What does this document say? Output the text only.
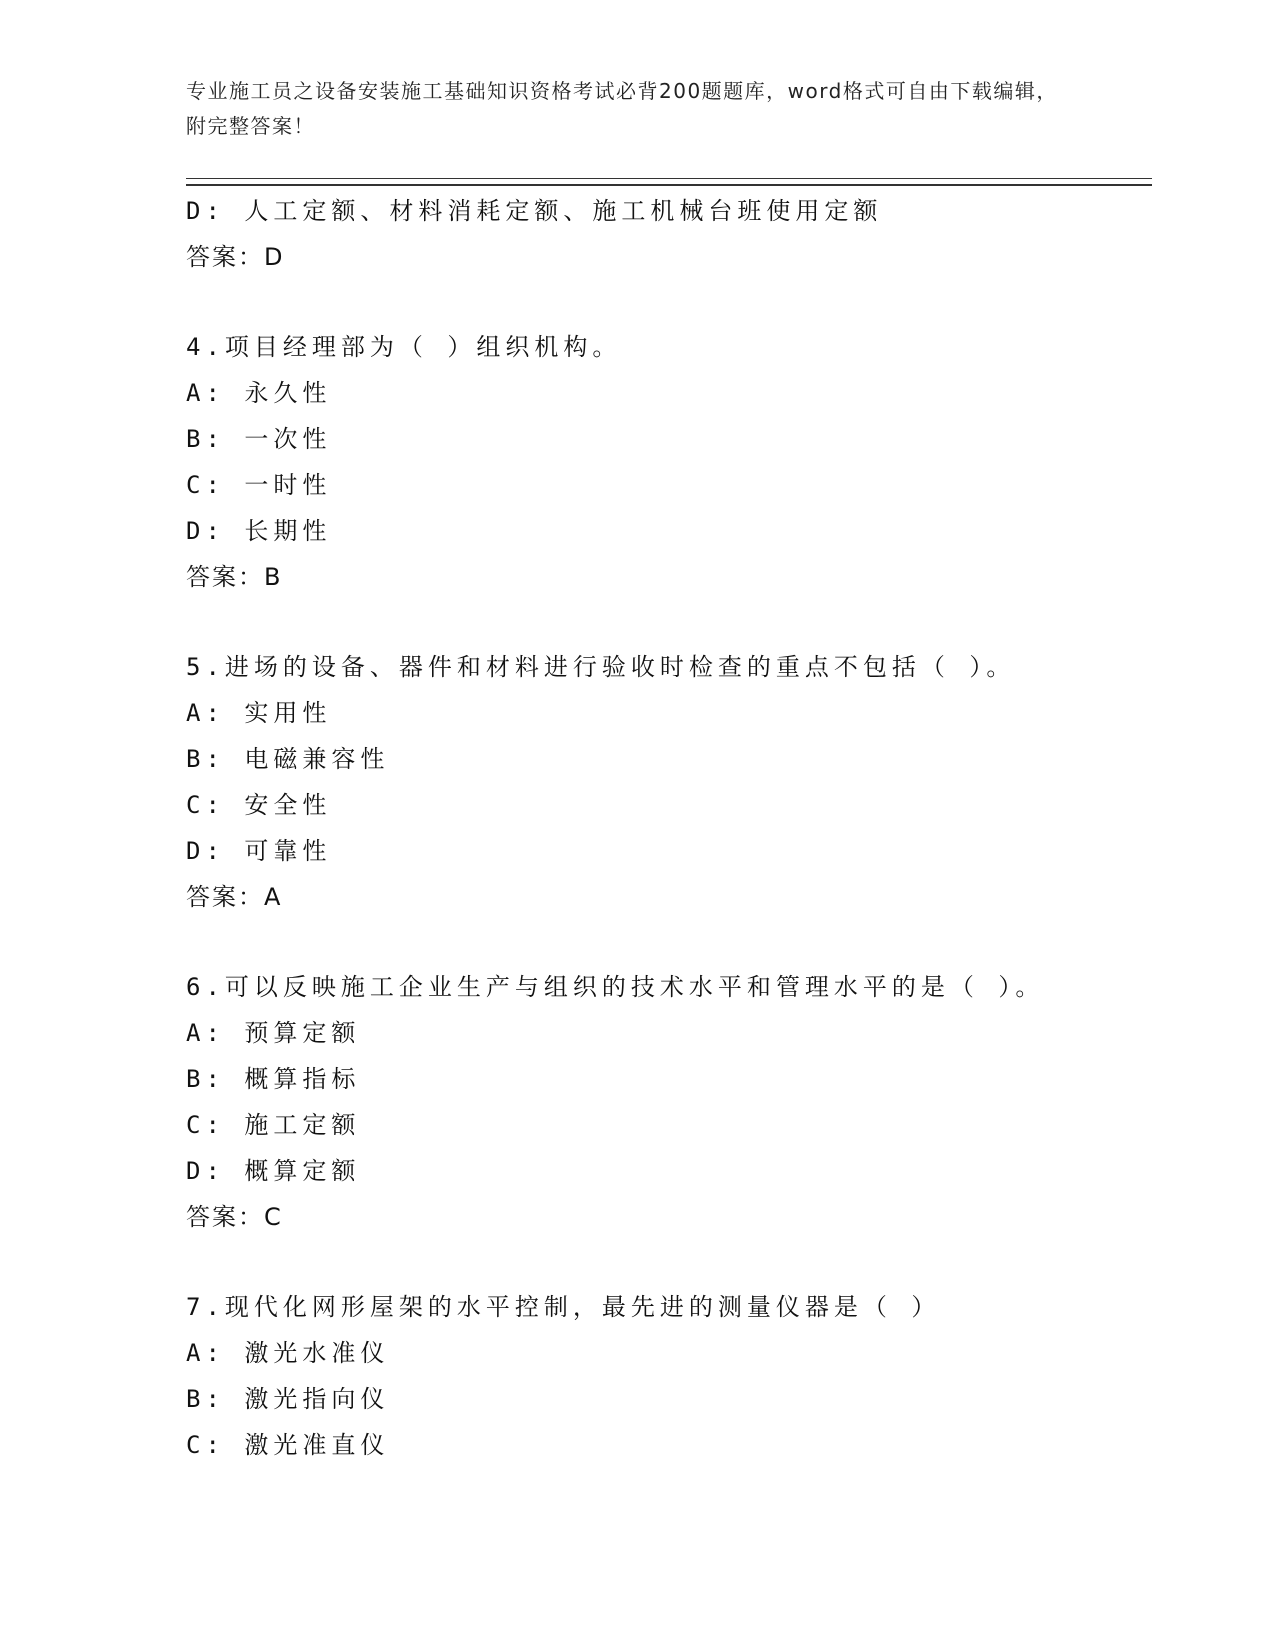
专业施工员之设备安装施工基础知识资格考试必背200题题库，word格式可自由下载编辑，附完整答案！
D: 人工定额、材料消耗定额、施工机械台班使用定额
答案：D
4.项目经理部为（ ）组织机构。
A: 永久性
B: 一次性
C: 一时性
D: 长期性
答案：B
5.进场的设备、器件和材料进行验收时检查的重点不包括（ ）。
A: 实用性
B: 电磁兼容性
C: 安全性
D: 可靠性
答案：A
6.可以反映施工企业生产与组织的技术水平和管理水平的是（ ）。
A: 预算定额
B: 概算指标
C: 施工定额
D: 概算定额
答案：C
7.现代化网形屋架的水平控制，最先进的测量仪器是（ ）
A: 激光水准仪
B: 激光指向仪
C: 激光准直仪
